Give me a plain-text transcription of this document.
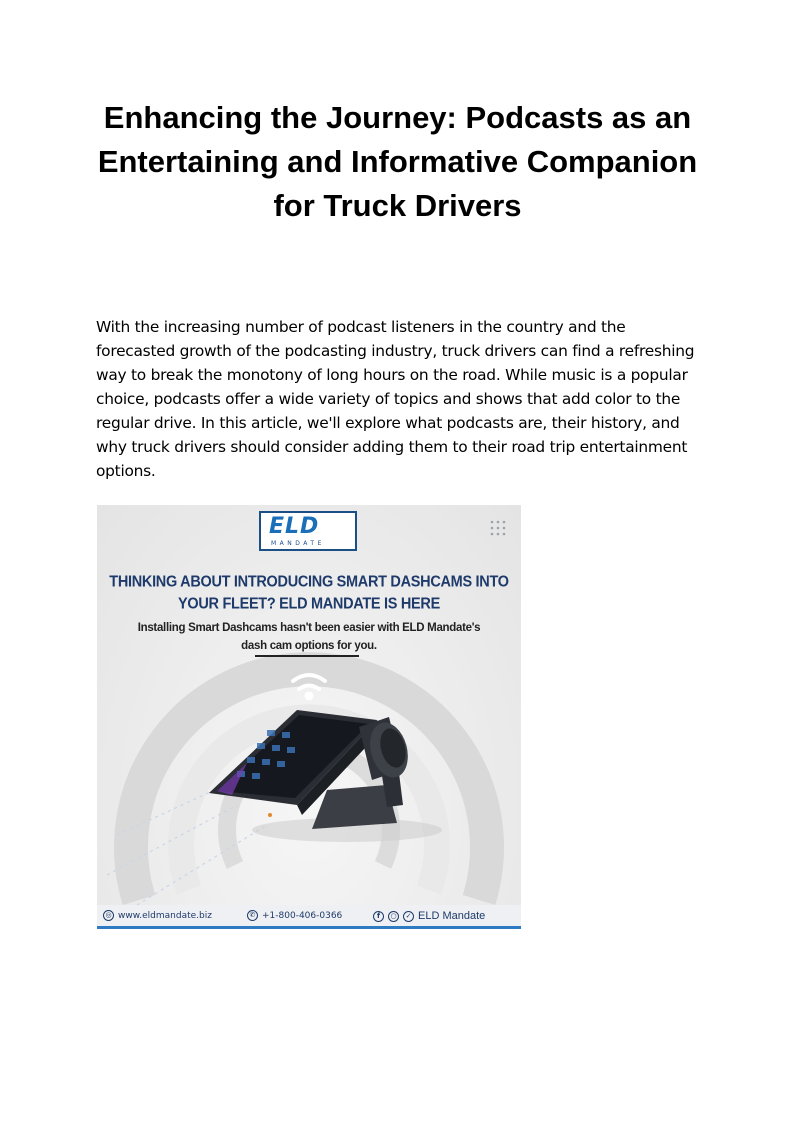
Enhancing the Journey: Podcasts as an Entertaining and Informative Companion for Truck Drivers

With the increasing number of podcast listeners in the country and the forecasted growth of the podcasting industry, truck drivers can find a refreshing way to break the monotony of long hours on the road. While music is a popular choice, podcasts offer a wide variety of topics and shows that add color to the regular drive. In this article, we'll explore what podcasts are, their history, and why truck drivers should consider adding them to their road trip entertainment options.

ELD
MANDATE
THINKING ABOUT INTRODUCING SMART DASHCAMS INTO YOUR FLEET? ELD MANDATE IS HERE
Installing Smart Dashcams hasn't been easier with ELD Mandate's dash cam options for you.
◎ www.eldmandate.biz	✆ +1-800-406-0366	f	○	✓ ELD Mandate
